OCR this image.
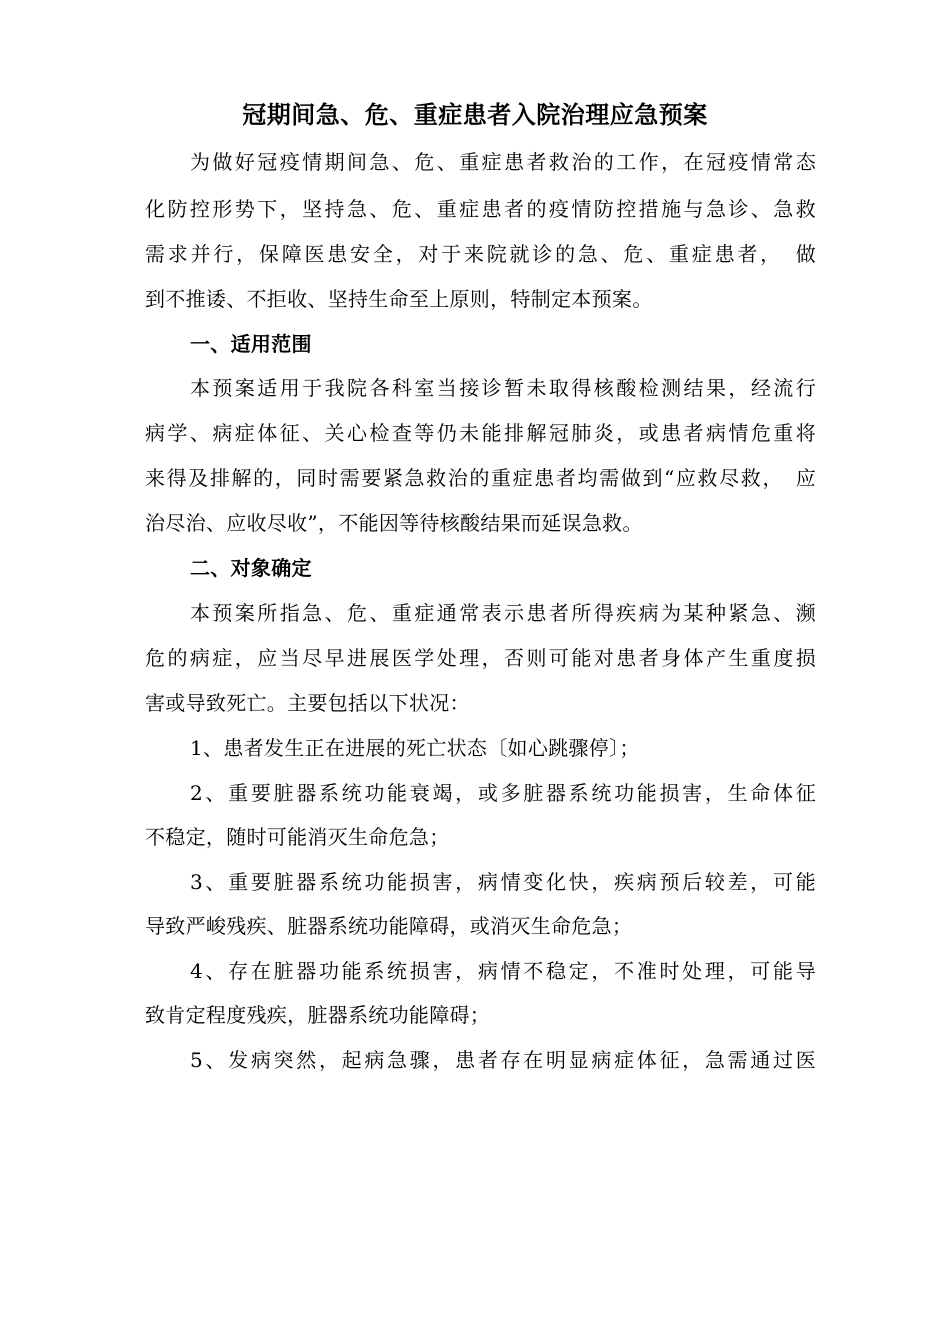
冠期间急、危、重症患者入院治理应急预案
为做好冠疫情期间急、危、重症患者救治的工作，在冠疫情常态
化防控形势下，坚持急、危、重症患者的疫情防控措施与急诊、急救
需求并行，保障医患安全，对于来院就诊的急、危、重症患者，　做
到不推诿、不拒收、坚持生命至上原则，特制定本预案。
一、适用范围
本预案适用于我院各科室当接诊暂未取得核酸检测结果，经流行
病学、病症体征、关心检查等仍未能排解冠肺炎，或患者病情危重将
来得及排解的，同时需要紧急救治的重症患者均需做到“应救尽救，　应
治尽治、应收尽收”，不能因等待核酸结果而延误急救。
二、对象确定
本预案所指急、危、重症通常表示患者所得疾病为某种紧急、濒
危的病症，应当尽早进展医学处理，否则可能对患者身体产生重度损
害或导致死亡。主要包括以下状况：
1、患者发生正在进展的死亡状态〔如心跳骤停〕；
2、重要脏器系统功能衰竭，或多脏器系统功能损害，生命体征
不稳定，随时可能消灭生命危急；
3、重要脏器系统功能损害，病情变化快，疾病预后较差，可能
导致严峻残疾、脏器系统功能障碍，或消灭生命危急；
4、存在脏器功能系统损害，病情不稳定，不准时处理，可能导
致肯定程度残疾，脏器系统功能障碍；
5、发病突然，起病急骤，患者存在明显病症体征，急需通过医
